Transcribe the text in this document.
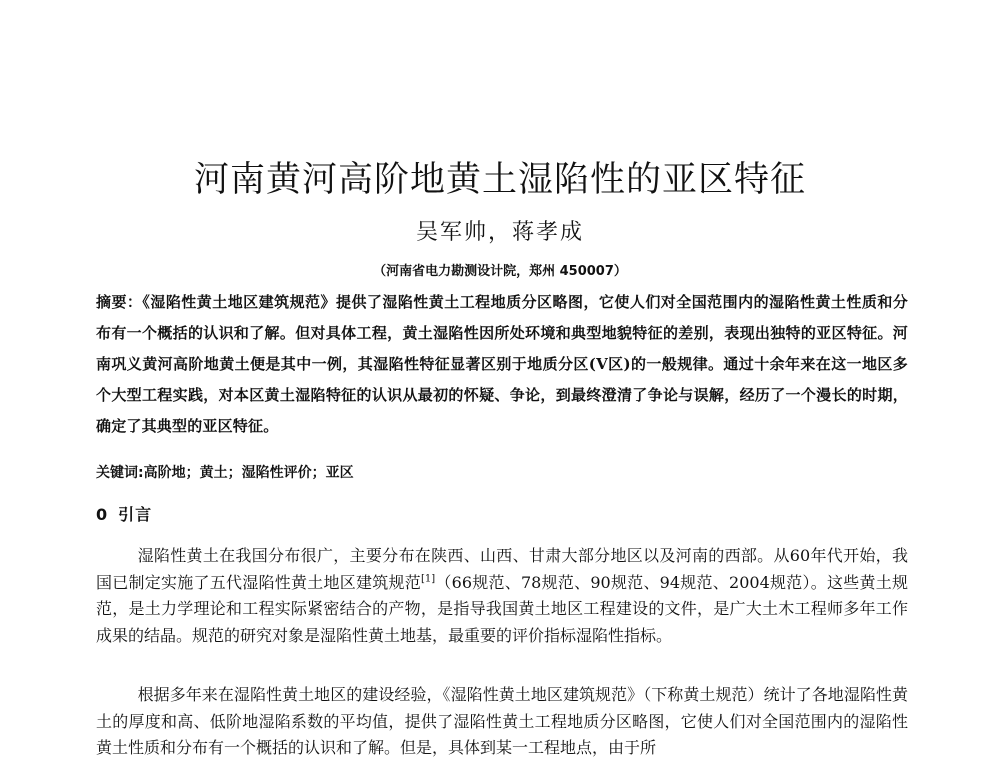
河南黄河高阶地黄土湿陷性的亚区特征
吴军帅，蒋孝成
（河南省电力勘测设计院，郑州 450007）
摘要：《湿陷性黄土地区建筑规范》提供了湿陷性黄土工程地质分区略图，它使人们对全国范围内的湿陷性黄土性质和分布有一个概括的认识和了解。但对具体工程，黄土湿陷性因所处环境和典型地貌特征的差别，表现出独特的亚区特征。河南巩义黄河高阶地黄土便是其中一例，其湿陷性特征显著区别于地质分区(V区)的一般规律。通过十余年来在这一地区多个大型工程实践，对本区黄土湿陷特征的认识从最初的怀疑、争论，到最终澄清了争论与误解，经历了一个漫长的时期，确定了其典型的亚区特征。
关键词:高阶地；黄土；湿陷性评价；亚区
0 引言

湿陷性黄土在我国分布很广，主要分布在陕西、山西、甘肃大部分地区以及河南的西部。从60年代开始，我国已制定实施了五代湿陷性黄土地区建筑规范[1]（66规范、78规范、90规范、94规范、2004规范）。这些黄土规范，是土力学理论和工程实际紧密结合的产物，是指导我国黄土地区工程建设的文件，是广大土木工程师多年工作成果的结晶。规范的研究对象是湿陷性黄土地基，最重要的评价指标湿陷性指标。

根据多年来在湿陷性黄土地区的建设经验，《湿陷性黄土地区建筑规范》（下称黄土规范）统计了各地湿陷性黄土的厚度和高、低阶地湿陷系数的平均值，提供了湿陷性黄土工程地质分区略图，它使人们对全国范围内的湿陷性黄土性质和分布有一个概括的认识和了解。但是，具体到某一工程地点，由于所
